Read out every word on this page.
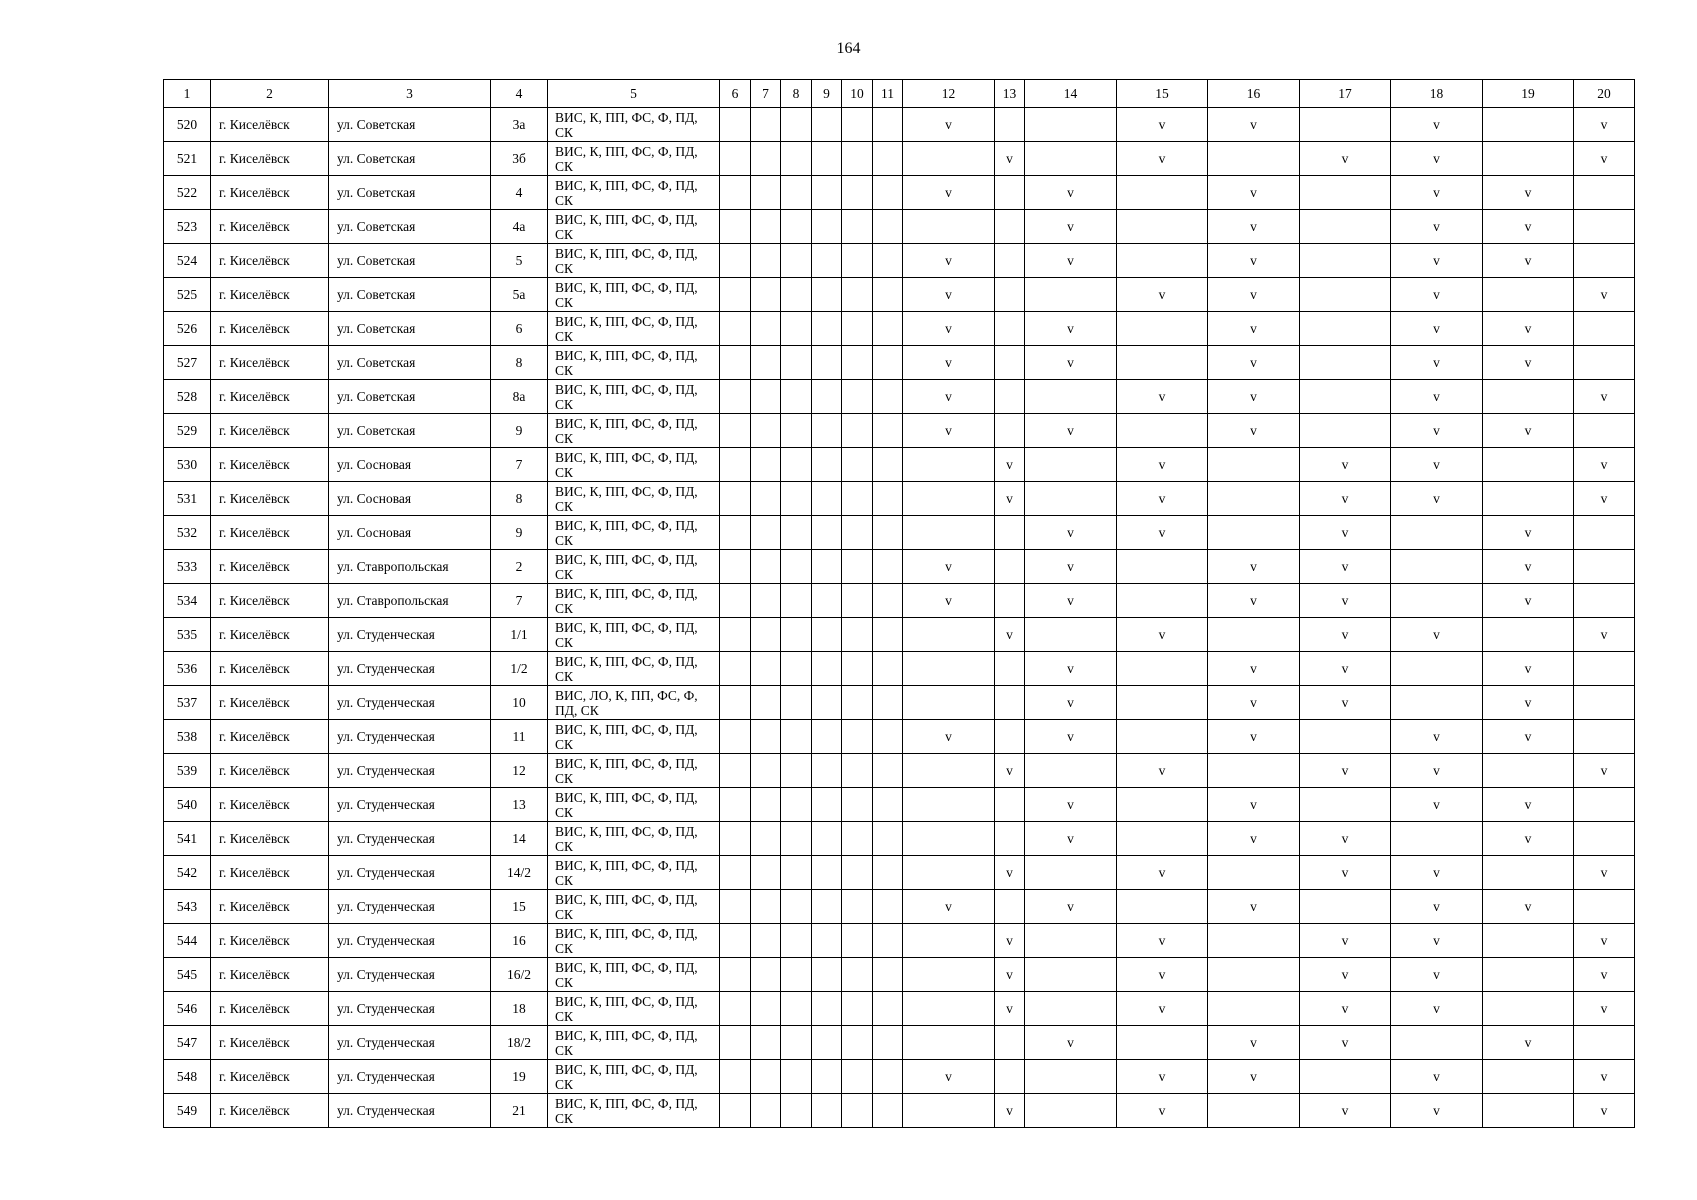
164
1	2	3	4	5	6	7	8	9	10	11	12	13	14	15	16	17	18	19	20
520	г. Киселёвск	ул. Советская	3а	ВИС, К, ПП, ФС, Ф, ПД, СК							v			v	v		v		v
521	г. Киселёвск	ул. Советская	3б	ВИС, К, ПП, ФС, Ф, ПД, СК								v		v		v	v		v
522	г. Киселёвск	ул. Советская	4	ВИС, К, ПП, ФС, Ф, ПД, СК							v		v		v		v	v	
523	г. Киселёвск	ул. Советская	4а	ВИС, К, ПП, ФС, Ф, ПД, СК									v		v		v	v	
524	г. Киселёвск	ул. Советская	5	ВИС, К, ПП, ФС, Ф, ПД, СК							v		v		v		v	v	
525	г. Киселёвск	ул. Советская	5а	ВИС, К, ПП, ФС, Ф, ПД, СК							v			v	v		v		v
526	г. Киселёвск	ул. Советская	6	ВИС, К, ПП, ФС, Ф, ПД, СК							v		v		v		v	v	
527	г. Киселёвск	ул. Советская	8	ВИС, К, ПП, ФС, Ф, ПД, СК							v		v		v		v	v	
528	г. Киселёвск	ул. Советская	8а	ВИС, К, ПП, ФС, Ф, ПД, СК							v			v	v		v		v
529	г. Киселёвск	ул. Советская	9	ВИС, К, ПП, ФС, Ф, ПД, СК							v		v		v		v	v	
530	г. Киселёвск	ул. Сосновая	7	ВИС, К, ПП, ФС, Ф, ПД, СК								v		v		v	v		v
531	г. Киселёвск	ул. Сосновая	8	ВИС, К, ПП, ФС, Ф, ПД, СК								v		v		v	v		v
532	г. Киселёвск	ул. Сосновая	9	ВИС, К, ПП, ФС, Ф, ПД, СК									v	v		v		v	
533	г. Киселёвск	ул. Ставропольская	2	ВИС, К, ПП, ФС, Ф, ПД, СК							v		v		v	v		v	
534	г. Киселёвск	ул. Ставропольская	7	ВИС, К, ПП, ФС, Ф, ПД, СК							v		v		v	v		v	
535	г. Киселёвск	ул. Студенческая	1/1	ВИС, К, ПП, ФС, Ф, ПД, СК								v		v		v	v		v
536	г. Киселёвск	ул. Студенческая	1/2	ВИС, К, ПП, ФС, Ф, ПД, СК									v		v	v		v	
537	г. Киселёвск	ул. Студенческая	10	ВИС, ЛО, К, ПП, ФС, Ф, ПД, СК									v		v	v		v	
538	г. Киселёвск	ул. Студенческая	11	ВИС, К, ПП, ФС, Ф, ПД, СК							v		v		v		v	v	
539	г. Киселёвск	ул. Студенческая	12	ВИС, К, ПП, ФС, Ф, ПД, СК								v		v		v	v		v
540	г. Киселёвск	ул. Студенческая	13	ВИС, К, ПП, ФС, Ф, ПД, СК									v		v		v	v	
541	г. Киселёвск	ул. Студенческая	14	ВИС, К, ПП, ФС, Ф, ПД, СК									v		v	v		v	
542	г. Киселёвск	ул. Студенческая	14/2	ВИС, К, ПП, ФС, Ф, ПД, СК								v		v		v	v		v
543	г. Киселёвск	ул. Студенческая	15	ВИС, К, ПП, ФС, Ф, ПД, СК							v		v		v		v	v	
544	г. Киселёвск	ул. Студенческая	16	ВИС, К, ПП, ФС, Ф, ПД, СК								v		v		v	v		v
545	г. Киселёвск	ул. Студенческая	16/2	ВИС, К, ПП, ФС, Ф, ПД, СК								v		v		v	v		v
546	г. Киселёвск	ул. Студенческая	18	ВИС, К, ПП, ФС, Ф, ПД, СК								v		v		v	v		v
547	г. Киселёвск	ул. Студенческая	18/2	ВИС, К, ПП, ФС, Ф, ПД, СК									v		v	v		v	
548	г. Киселёвск	ул. Студенческая	19	ВИС, К, ПП, ФС, Ф, ПД, СК							v			v	v		v		v
549	г. Киселёвск	ул. Студенческая	21	ВИС, К, ПП, ФС, Ф, ПД, СК								v		v		v	v		v
